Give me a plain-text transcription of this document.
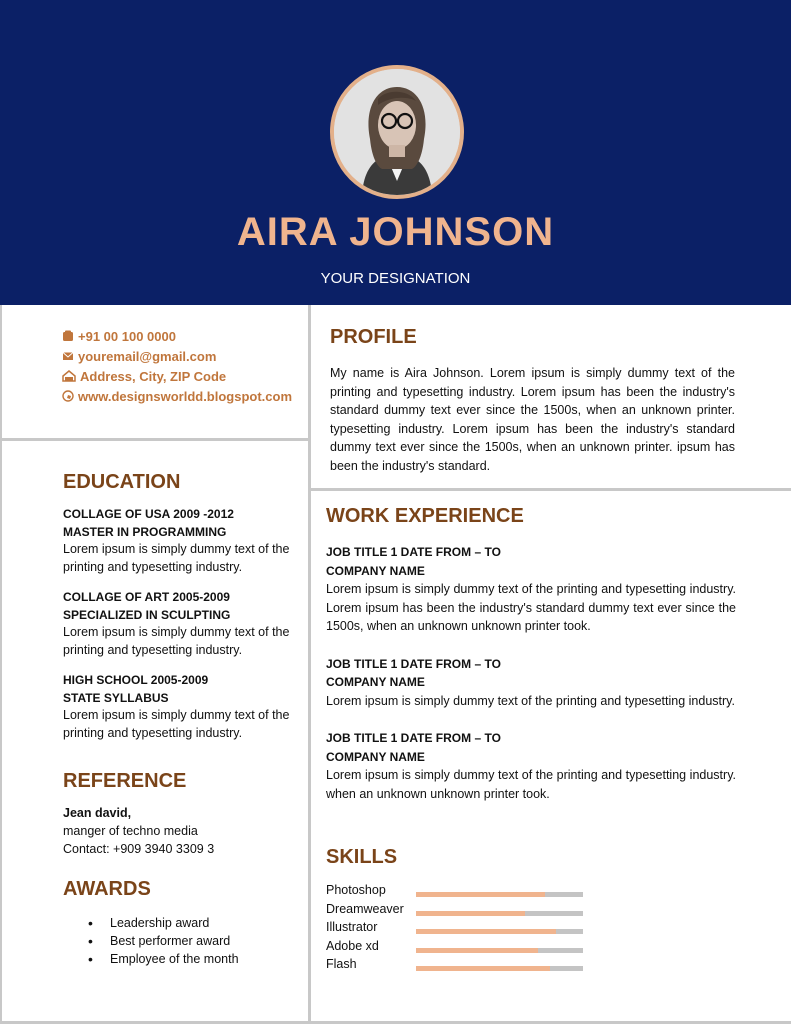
AIRA JOHNSON
YOUR DESIGNATION
+91 00 100 0000
youremail@gmail.com
Address, City, ZIP Code
www.designsworldd.blogspot.com
PROFILE
My name is Aira Johnson. Lorem ipsum is simply dummy text of the printing and typesetting industry. Lorem ipsum has been the industry's standard dummy text ever since the 1500s, when an unknown printer. typesetting industry. Lorem ipsum has been the industry's standard dummy text ever since the 1500s, when an unknown printer. ipsum has been the industry's standard.
EDUCATION
COLLAGE OF USA 2009 -2012
MASTER IN PROGRAMMING
Lorem ipsum is simply dummy text of the printing and typesetting industry.
COLLAGE OF ART 2005-2009
SPECIALIZED IN SCULPTING
Lorem ipsum is simply dummy text of the printing and typesetting industry.
HIGH SCHOOL 2005-2009
STATE SYLLABUS
Lorem ipsum is simply dummy text of the printing and typesetting industry.
REFERENCE
Jean david,
manger of techno media
Contact: +909 3940 3309 3
AWARDS
• Leadership award
• Best performer award
• Employee of the month
WORK EXPERIENCE
JOB TITLE 1 DATE FROM – TO
COMPANY NAME
Lorem ipsum is simply dummy text of the printing and typesetting industry. Lorem ipsum has been the industry's standard dummy text ever since the 1500s, when an unknown unknown printer took.
JOB TITLE 1 DATE FROM – TO
COMPANY NAME
Lorem ipsum is simply dummy text of the printing and typesetting industry.
JOB TITLE 1 DATE FROM – TO
COMPANY NAME
Lorem ipsum is simply dummy text of the printing and typesetting industry. when an unknown unknown printer took.
SKILLS
Photoshop
Dreamweaver
Illustrator
Adobe xd
Flash
